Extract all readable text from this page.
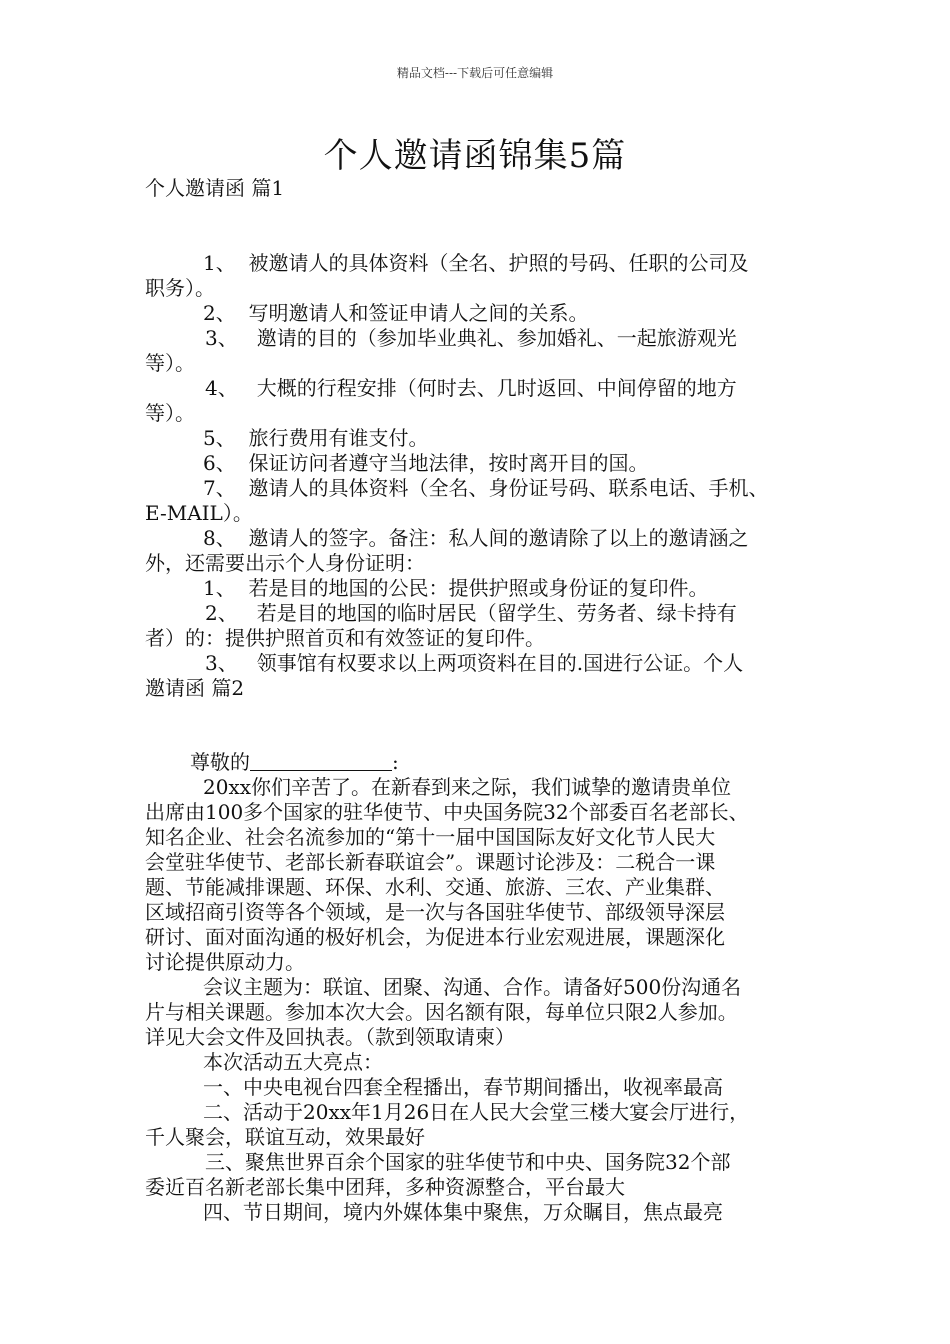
精品文档---下载后可任意编辑
个人邀请函锦集5篇
个人邀请函 篇1
1、  被邀请人的具体资料（全名、护照的号码、任职的公司及
职务）。
2、 写明邀请人和签证申请人之间的关系。
3、   邀请的目的（参加毕业典礼、参加婚礼、一起旅游观光
等）。
4、   大概的行程安排（何时去、几时返回、中间停留的地方
等）。
5、 旅行费用有谁支付。
6、 保证访问者遵守当地法律，按时离开目的国。
7、  邀请人的具体资料（全名、身份证号码、联系电话、手机、
E-MAIL）。
8、  邀请人的签字。备注：私人间的邀请除了以上的邀请涵之
外，还需要出示个人身份证明：
1、 若是目的地国的公民：提供护照或身份证的复印件。
2、   若是目的地国的临时居民（留学生、劳务者、绿卡持有
者）的：提供护照首页和有效签证的复印件。
3、   领事馆有权要求以上两项资料在目的.国进行公证。个人
邀请函 篇2
尊敬的	:
20xx你们辛苦了。在新春到来之际，我们诚挚的邀请贵单位
出席由100多个国家的驻华使节、中央国务院32个部委百名老部长、
知名企业、社会名流参加的“第十一届中国国际友好文化节人民大
会堂驻华使节、老部长新春联谊会”。课题讨论涉及：二税合一课
题、节能减排课题、环保、水利、交通、旅游、三农、产业集群、
区域招商引资等各个领域，是一次与各国驻华使节、部级领导深层
研讨、面对面沟通的极好机会，为促进本行业宏观进展，课题深化
讨论提供原动力。
会议主题为：联谊、团聚、沟通、合作。请备好500份沟通名
片与相关课题。参加本次大会。因名额有限，每单位只限2人参加。
详见大会文件及回执表。（款到领取请柬）
本次活动五大亮点：
一、中央电视台四套全程播出，春节期间播出，收视率最高
二、活动于20xx年1月26日在人民大会堂三楼大宴会厅进行，
千人聚会，联谊互动，效果最好
三、聚焦世界百余个国家的驻华使节和中央、国务院32个部
委近百名新老部长集中团拜，多种资源整合，平台最大
四、节日期间，境内外媒体集中聚焦，万众瞩目，焦点最亮
